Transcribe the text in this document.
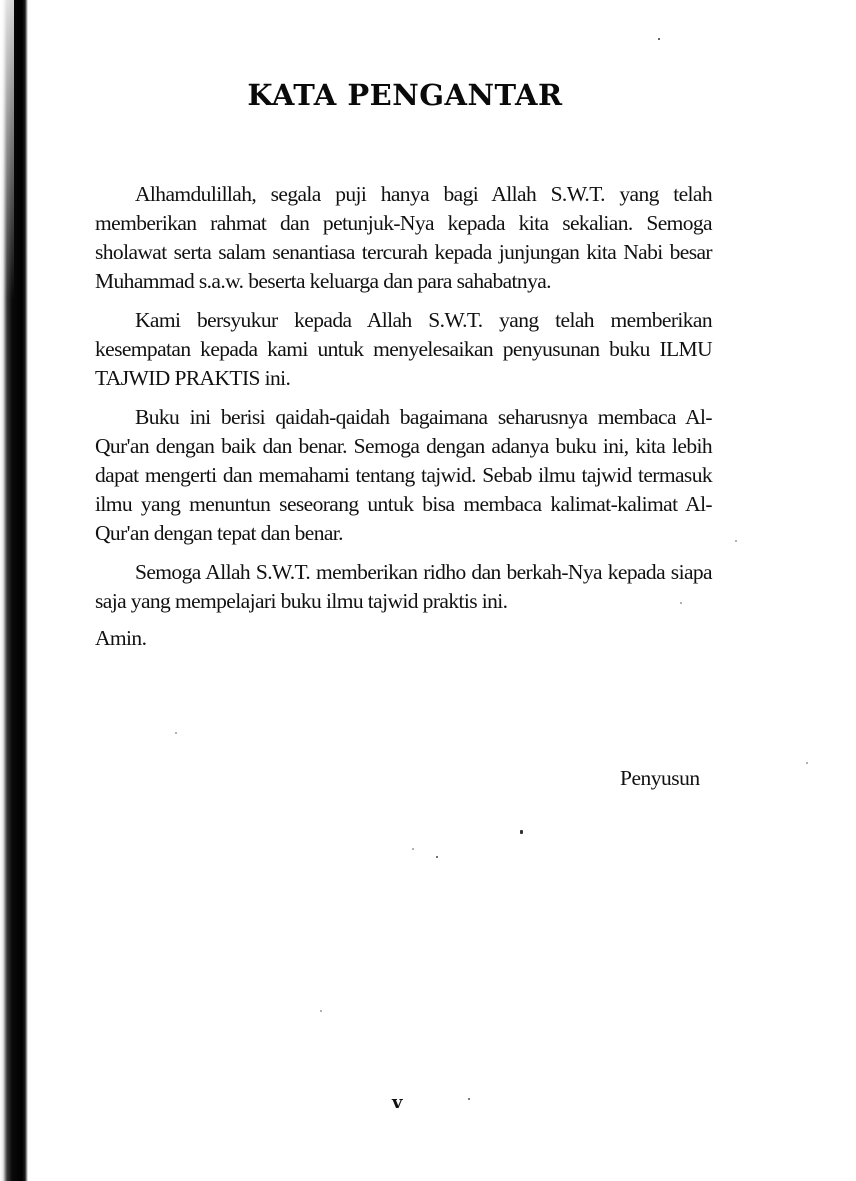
KATA PENGANTAR

Alhamdulillah, segala puji hanya bagi Allah S.W.T. yang telah memberikan rahmat dan petunjuk-Nya kepada kita sekalian. Semoga sholawat serta salam senantiasa tercurah kepada junjungan kita Nabi besar Muhammad s.a.w. beserta keluarga dan para sahabatnya.

Kami bersyukur kepada Allah S.W.T. yang telah memberikan kesempatan kepada kami untuk menyelesaikan penyusunan buku ILMU TAJWID PRAKTIS ini.

Buku ini berisi qaidah-qaidah bagaimana seharusnya membaca Al-Qur'an dengan baik dan benar. Semoga dengan adanya buku ini, kita lebih dapat mengerti dan memahami tentang tajwid. Sebab ilmu tajwid termasuk ilmu yang menuntun seseorang untuk bisa membaca kalimat-kalimat Al-Qur'an dengan tepat dan benar.

Semoga Allah S.W.T. memberikan ridho dan berkah-Nya kepada siapa saja yang mempelajari buku ilmu tajwid praktis ini.

Amin.

Penyusun
v
